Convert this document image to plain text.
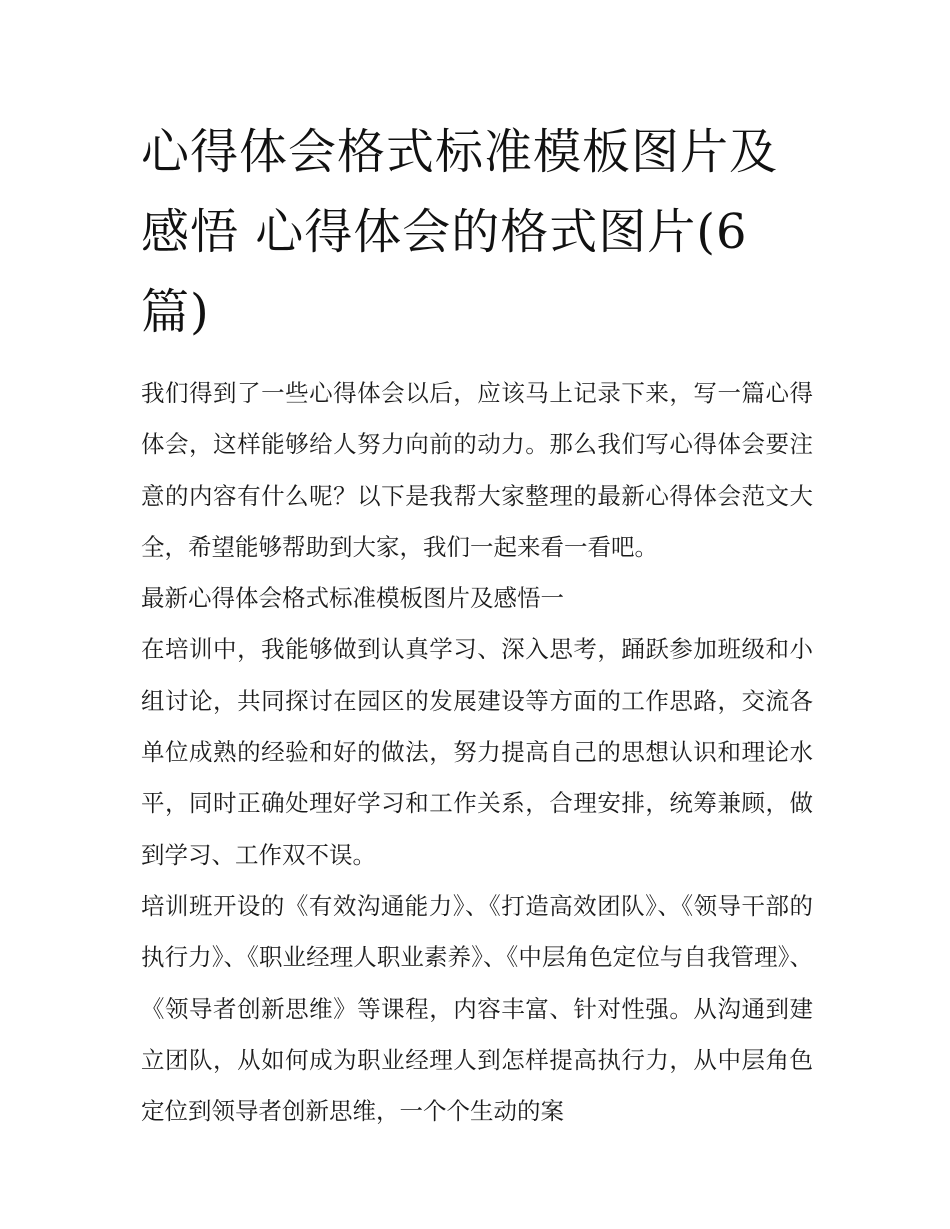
心得体会格式标准模板图片及感悟 心得体会的格式图片(6篇)

我们得到了一些心得体会以后，应该马上记录下来，写一篇心得体会，这样能够给人努力向前的动力。那么我们写心得体会要注意的内容有什么呢？以下是我帮大家整理的最新心得体会范文大全，希望能够帮助到大家，我们一起来看一看吧。

最新心得体会格式标准模板图片及感悟一

在培训中，我能够做到认真学习、深入思考，踊跃参加班级和小组讨论，共同探讨在园区的发展建设等方面的工作思路，交流各单位成熟的经验和好的做法，努力提高自己的思想认识和理论水平，同时正确处理好学习和工作关系，合理安排，统筹兼顾，做到学习、工作双不误。

培训班开设的《有效沟通能力》、《打造高效团队》、《领导干部的执行力》、《职业经理人职业素养》、《中层角色定位与自我管理》、《领导者创新思维》等课程，内容丰富、针对性强。从沟通到建立团队，从如何成为职业经理人到怎样提高执行力，从中层角色定位到领导者创新思维，一个个生动的案
